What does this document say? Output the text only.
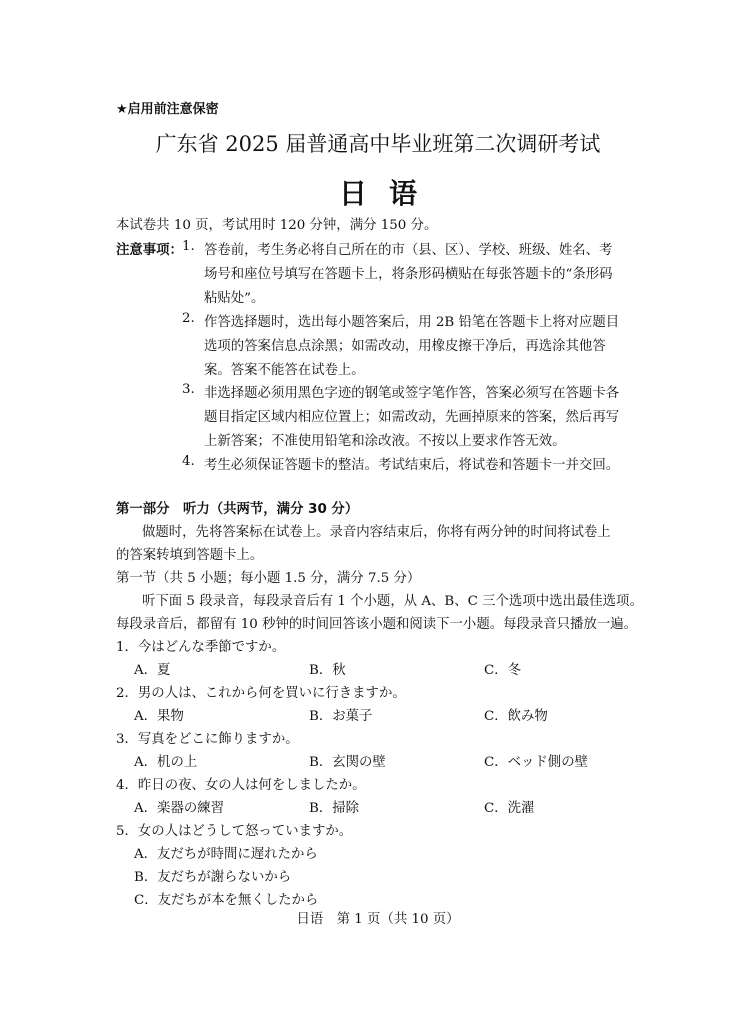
★启用前注意保密
广东省 2025 届普通高中毕业班第二次调研考试
日语
本试卷共 10 页，考试用时 120 分钟，满分 150 分。
注意事项： 1. 答卷前，考生务必将自己所在的市（县、区）、学校、班级、姓名、考
场号和座位号填写在答题卡上，将条形码横贴在每张答题卡的“条形码
粘贴处”。
2. 作答选择题时，选出每小题答案后，用 2B 铅笔在答题卡上将对应题目
选项的答案信息点涂黑；如需改动，用橡皮擦干净后，再选涂其他答
案。答案不能答在试卷上。
3. 非选择题必须用黑色字迹的钢笔或签字笔作答，答案必须写在答题卡各
题目指定区域内相应位置上；如需改动，先画掉原来的答案，然后再写
上新答案；不准使用铅笔和涂改液。不按以上要求作答无效。
4. 考生必须保证答题卡的整洁。考试结束后，将试卷和答题卡一并交回。
第一部分　听力（共两节，满分 30 分）
做题时，先将答案标在试卷上。录音内容结束后，你将有两分钟的时间将试卷上
的答案转填到答题卡上。
第一节（共 5 小题；每小题 1.5 分，满分 7.5 分）
听下面 5 段录音，每段录音后有 1 个小题，从 A、B、C 三个选项中选出最佳选项。
每段录音后，都留有 10 秒钟的时间回答该小题和阅读下一小题。每段录音只播放一遍。
1．今はどんな季節ですか。
A．夏	B．秋	C．冬
2．男の人は、これから何を買いに行きますか。
A．果物	B．お菓子	C．飲み物
3．写真をどこに飾りますか。
A．机の上	B．玄関の壁	C．ベッド側の壁
4．昨日の夜、女の人は何をしましたか。
A．楽器の練習	B．掃除	C．洗濯
5．女の人はどうして怒っていますか。
A．友だちが時間に遅れたから
B．友だちが謝らないから
C．友だちが本を無くしたから
日语　第 1 页（共 10 页）
